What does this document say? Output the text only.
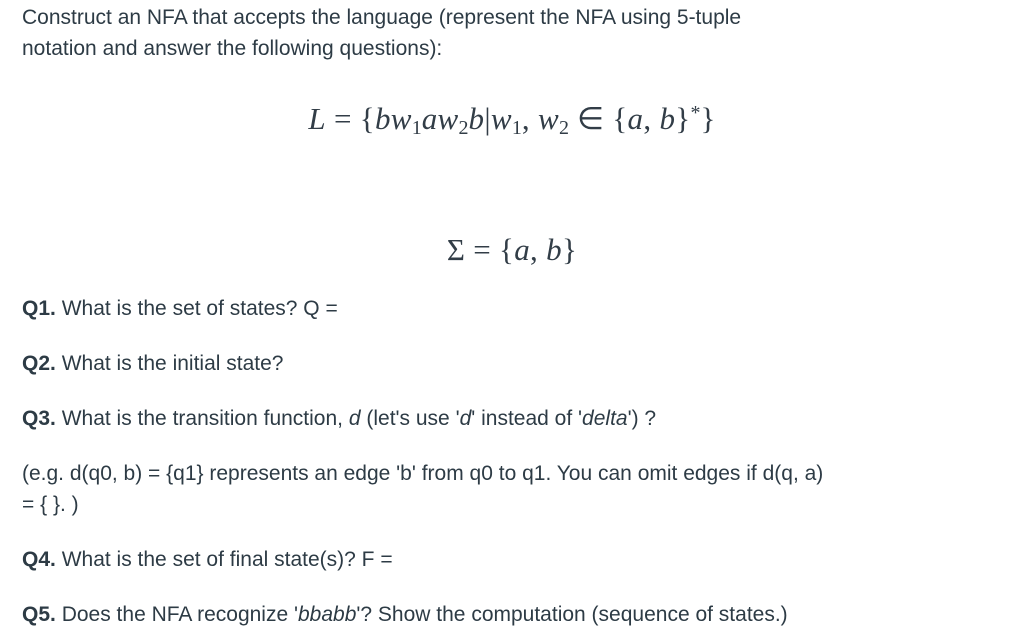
Construct an NFA that accepts the language (represent the NFA using 5-tuple
notation and answer the following questions):

L = {bw1aw2b|w1, w2 ∈ {a, b}*}
Σ = {a, b}

Q1. What is the set of states? Q =

Q2. What is the initial state?

Q3. What is the transition function, d (let's use 'd' instead of 'delta') ?

(e.g. d(q0, b) = {q1} represents an edge 'b' from q0 to q1. You can omit edges if d(q, a)
= { }. )

Q4. What is the set of final state(s)? F =

Q5. Does the NFA recognize 'bbabb'? Show the computation (sequence of states.)
